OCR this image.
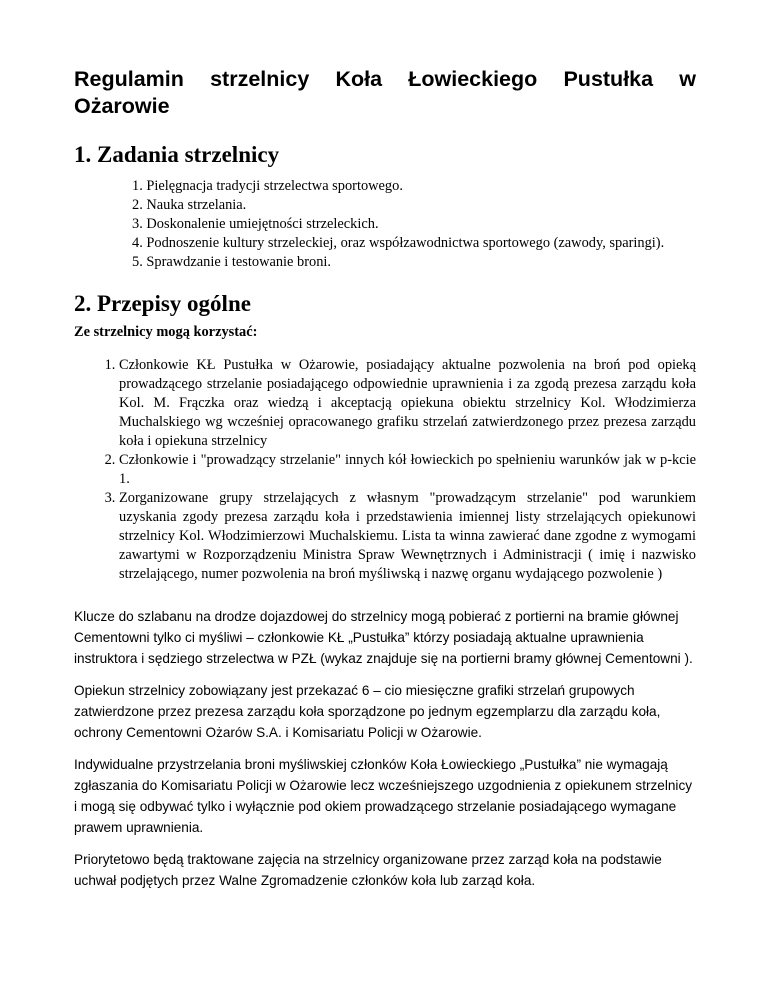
Regulamin strzelnicy Koła Łowieckiego Pustułka w Ożarowie
1. Zadania strzelnicy
1. Pielęgnacja tradycji strzelectwa sportowego.
2. Nauka strzelania.
3. Doskonalenie umiejętności strzeleckich.
4. Podnoszenie kultury strzeleckiej, oraz współzawodnictwa sportowego (zawody, sparingi).
5. Sprawdzanie i testowanie broni.
2. Przepisy ogólne

Ze strzelnicy mogą korzystać:

1. Członkowie KŁ Pustułka w Ożarowie, posiadający aktualne pozwolenia na broń pod opieką prowadzącego strzelanie posiadającego odpowiednie uprawnienia i za zgodą prezesa zarządu koła Kol. M. Frączka oraz wiedzą i akceptacją opiekuna obiektu strzelnicy Kol. Włodzimierza Muchalskiego wg wcześniej opracowanego grafiku strzelań zatwierdzonego przez prezesa zarządu koła i opiekuna strzelnicy
2. Członkowie i "prowadzący strzelanie" innych kół łowieckich po spełnieniu warunków jak w p-kcie 1.
3. Zorganizowane grupy strzelających z własnym "prowadzącym strzelanie" pod warunkiem uzyskania zgody prezesa zarządu koła i przedstawienia imiennej listy strzelających opiekunowi strzelnicy Kol. Włodzimierzowi Muchalskiemu. Lista ta winna zawierać dane zgodne z wymogami zawartymi w Rozporządzeniu Ministra Spraw Wewnętrznych i Administracji ( imię i nazwisko strzelającego, numer pozwolenia na broń myśliwską i nazwę organu wydającego pozwolenie )

Klucze do szlabanu na drodze dojazdowej do strzelnicy mogą pobierać z portierni na bramie głównej Cementowni tylko ci myśliwi – członkowie KŁ „Pustułka” którzy posiadają aktualne uprawnienia instruktora i sędziego strzelectwa w PZŁ (wykaz znajduje się na portierni bramy głównej Cementowni ).

Opiekun strzelnicy zobowiązany jest przekazać 6 – cio miesięczne grafiki strzelań grupowych zatwierdzone przez prezesa zarządu koła sporządzone po jednym egzemplarzu dla zarządu koła, ochrony Cementowni Ożarów S.A. i Komisariatu Policji w Ożarowie.

Indywidualne przystrzelania broni myśliwskiej członków Koła Łowieckiego „Pustułka” nie wymagają zgłaszania do Komisariatu Policji w Ożarowie lecz wcześniejszego uzgodnienia z opiekunem strzelnicy i mogą się odbywać tylko i wyłącznie pod okiem prowadzącego strzelanie posiadającego wymagane prawem uprawnienia.

Priorytetowo będą traktowane zajęcia na strzelnicy organizowane przez zarząd koła na podstawie uchwał podjętych przez Walne Zgromadzenie członków koła lub zarząd koła.
